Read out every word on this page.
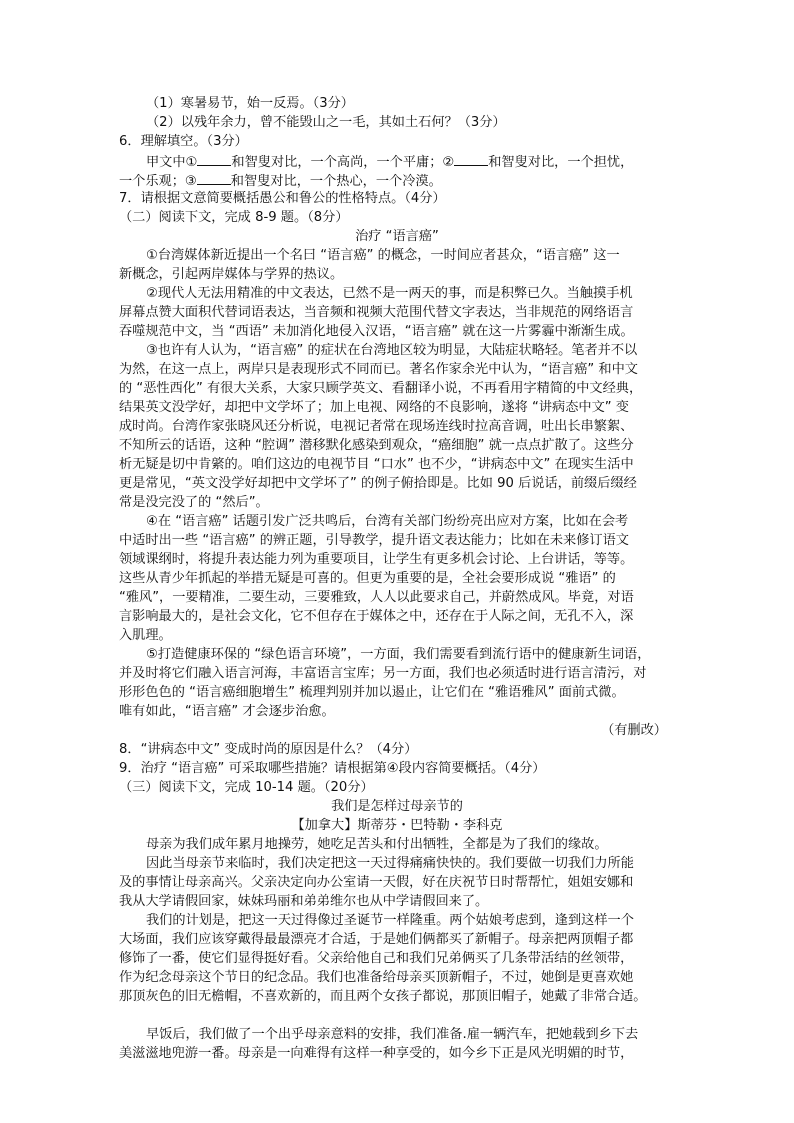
（1）寒暑易节，始一反焉。（3分）
（2）以残年余力，曾不能毁山之一毛，其如土石何？（3分）
6．理解填空。（3分）
甲文中①	和智叟对比，一个高尚，一个平庸；②	和智叟对比，一个担忧，
一个乐观；③	和智叟对比，一个热心，一个冷漠。
7．请根据文意简要概括愚公和鲁公的性格特点。（4分）
（二）阅读下文，完成 8-9 题。（8分）
治疗 “语言癌”
①台湾媒体新近提出一个名曰 “语言癌” 的概念，一时间应者甚众，“语言癌” 这一
新概念，引起两岸媒体与学界的热议。
②现代人无法用精准的中文表达，已然不是一两天的事，而是积弊已久。当触摸手机
屏幕点赞大面积代替词语表达，当音频和视频大范围代替文字表达，当非规范的网络语言
吞噬规范中文，当 “西语” 未加消化地侵入汉语，“语言癌” 就在这一片雾霾中渐渐生成。
③也许有人认为，“语言癌” 的症状在台湾地区较为明显，大陆症状略轻。笔者并不以
为然，在这一点上，两岸只是表现形式不同而已。著名作家余光中认为，“语言癌” 和中文
的 “恶性西化” 有很大关系，大家只顾学英文、看翻译小说，不再看用字精简的中文经典，
结果英文没学好，却把中文学坏了；加上电视、网络的不良影响，遂将 “讲病态中文” 变
成时尚。台湾作家张晓风还分析说，电视记者常在现场连线时拉高音调，吐出长串繁絮、
不知所云的话语，这种 “腔调” 潜移默化感染到观众，“癌细胞” 就一点点扩散了。这些分
析无疑是切中肯綮的。咱们这边的电视节目 “口水” 也不少，“讲病态中文” 在现实生活中
更是常见，“英文没学好却把中文学坏了” 的例子俯拾即是。比如 90 后说话，前缀后缀经
常是没完没了的 “然后”。
④在 “语言癌” 话题引发广泛共鸣后，台湾有关部门纷纷亮出应对方案，比如在会考
中适时出一些 “语言癌” 的辨正题，引导教学，提升语文表达能力；比如在未来修订语文
领域课纲时，将提升表达能力列为重要项目，让学生有更多机会讨论、上台讲话，等等。
这些从青少年抓起的举措无疑是可喜的。但更为重要的是，全社会要形成说 “雅语” 的
“雅风”，一要精准，二要生动，三要雅致，人人以此要求自己，并蔚然成风。毕竟，对语
言影响最大的，是社会文化，它不但存在于媒体之中，还存在于人际之间，无孔不入，深
入肌理。
⑤打造健康环保的 “绿色语言环境”，一方面，我们需要看到流行语中的健康新生词语，
并及时将它们融入语言河海，丰富语言宝库；另一方面，我们也必须适时进行语言清污，对
形形色色的 “语言癌细胞增生” 梳理判别并加以遏止，让它们在 “雅语雅风” 面前式微。
唯有如此，“语言癌” 才会逐步治愈。
（有删改）
8．“讲病态中文” 变成时尚的原因是什么？（4分）
9．治疗 “语言癌” 可采取哪些措施？请根据第④段内容简要概括。（4分）
（三）阅读下文，完成 10-14 题。（20分）
我们是怎样过母亲节的
【加拿大】斯蒂芬・巴特勒・李科克
母亲为我们成年累月地操劳，她吃足苦头和付出牺牲，全都是为了我们的缘故。
因此当母亲节来临时，我们决定把这一天过得痛痛快快的。我们要做一切我们力所能
及的事情让母亲高兴。父亲决定向办公室请一天假，好在庆祝节日时帮帮忙，姐姐安娜和
我从大学请假回家，妹妹玛丽和弟弟维尔也从中学请假回来了。
我们的计划是，把这一天过得像过圣诞节一样隆重。两个姑娘考虑到，逢到这样一个
大场面，我们应该穿戴得最最漂亮才合适，于是她们俩都买了新帽子。母亲把两顶帽子都
修饰了一番，使它们显得挺好看。父亲给他自己和我们兄弟俩买了几条带活结的丝领带，
作为纪念母亲这个节日的纪念品。我们也准备给母亲买顶新帽子，不过，她倒是更喜欢她
那顶灰色的旧无檐帽，不喜欢新的，而且两个女孩子都说，那顶旧帽子，她戴了非常合适。
早饭后，我们做了一个出乎母亲意料的安排，我们准备.雇一辆汽车，把她载到乡下去
美滋滋地兜游一番。母亲是一向难得有这样一种享受的，如今乡下正是风光明媚的时节，
